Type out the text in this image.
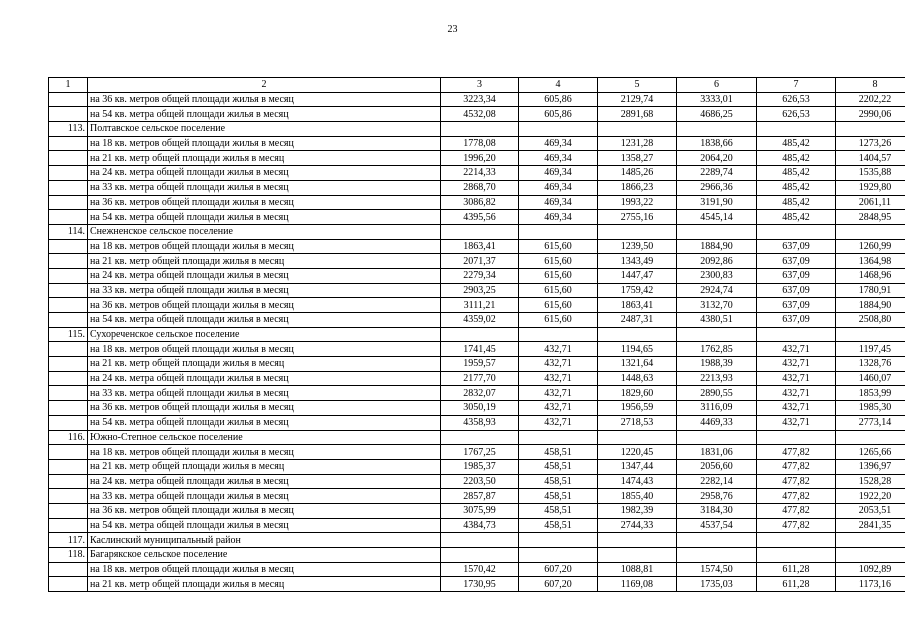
23
1	2	3	4	5	6	7	8
	на 36 кв. метров общей площади жилья в месяц	3223,34	605,86	2129,74	3333,01	626,53	2202,22
	на 54 кв. метра общей площади жилья в месяц	4532,08	605,86	2891,68	4686,25	626,53	2990,06
113.	Полтавское сельское поселение						
	на 18 кв. метров общей площади жилья в месяц	1778,08	469,34	1231,28	1838,66	485,42	1273,26
	на 21 кв. метр общей площади жилья в месяц	1996,20	469,34	1358,27	2064,20	485,42	1404,57
	на 24 кв. метра общей площади жилья в месяц	2214,33	469,34	1485,26	2289,74	485,42	1535,88
	на 33 кв. метра общей площади жилья в месяц	2868,70	469,34	1866,23	2966,36	485,42	1929,80
	на 36 кв. метров общей площади жилья в месяц	3086,82	469,34	1993,22	3191,90	485,42	2061,11
	на 54 кв. метра общей площади жилья в месяц	4395,56	469,34	2755,16	4545,14	485,42	2848,95
114.	Снежненское сельское поселение						
	на 18 кв. метров общей площади жилья в месяц	1863,41	615,60	1239,50	1884,90	637,09	1260,99
	на 21 кв. метр общей площади жилья в месяц	2071,37	615,60	1343,49	2092,86	637,09	1364,98
	на 24 кв. метра общей площади жилья в месяц	2279,34	615,60	1447,47	2300,83	637,09	1468,96
	на 33 кв. метра общей площади жилья в месяц	2903,25	615,60	1759,42	2924,74	637,09	1780,91
	на 36 кв. метров общей площади жилья в месяц	3111,21	615,60	1863,41	3132,70	637,09	1884,90
	на 54 кв. метра общей площади жилья в месяц	4359,02	615,60	2487,31	4380,51	637,09	2508,80
115.	Сухореченское сельское поселение						
	на 18 кв. метров общей площади жилья в месяц	1741,45	432,71	1194,65	1762,85	432,71	1197,45
	на 21 кв. метр общей площади жилья в месяц	1959,57	432,71	1321,64	1988,39	432,71	1328,76
	на 24 кв. метра общей площади жилья в месяц	2177,70	432,71	1448,63	2213,93	432,71	1460,07
	на 33 кв. метра общей площади жилья в месяц	2832,07	432,71	1829,60	2890,55	432,71	1853,99
	на 36 кв. метров общей площади жилья в месяц	3050,19	432,71	1956,59	3116,09	432,71	1985,30
	на 54 кв. метра общей площади жилья в месяц	4358,93	432,71	2718,53	4469,33	432,71	2773,14
116.	Южно-Степное сельское поселение						
	на 18 кв. метров общей площади жилья в месяц	1767,25	458,51	1220,45	1831,06	477,82	1265,66
	на 21 кв. метр общей площади жилья в месяц	1985,37	458,51	1347,44	2056,60	477,82	1396,97
	на 24 кв. метра общей площади жилья в месяц	2203,50	458,51	1474,43	2282,14	477,82	1528,28
	на 33 кв. метра общей площади жилья в месяц	2857,87	458,51	1855,40	2958,76	477,82	1922,20
	на 36 кв. метров общей площади жилья в месяц	3075,99	458,51	1982,39	3184,30	477,82	2053,51
	на 54 кв. метра общей площади жилья в месяц	4384,73	458,51	2744,33	4537,54	477,82	2841,35
117.	Каслинский муниципальный район						
118.	Багарякское сельское поселение						
	на 18 кв. метров общей площади жилья в месяц	1570,42	607,20	1088,81	1574,50	611,28	1092,89
	на 21 кв. метр общей площади жилья в месяц	1730,95	607,20	1169,08	1735,03	611,28	1173,16
